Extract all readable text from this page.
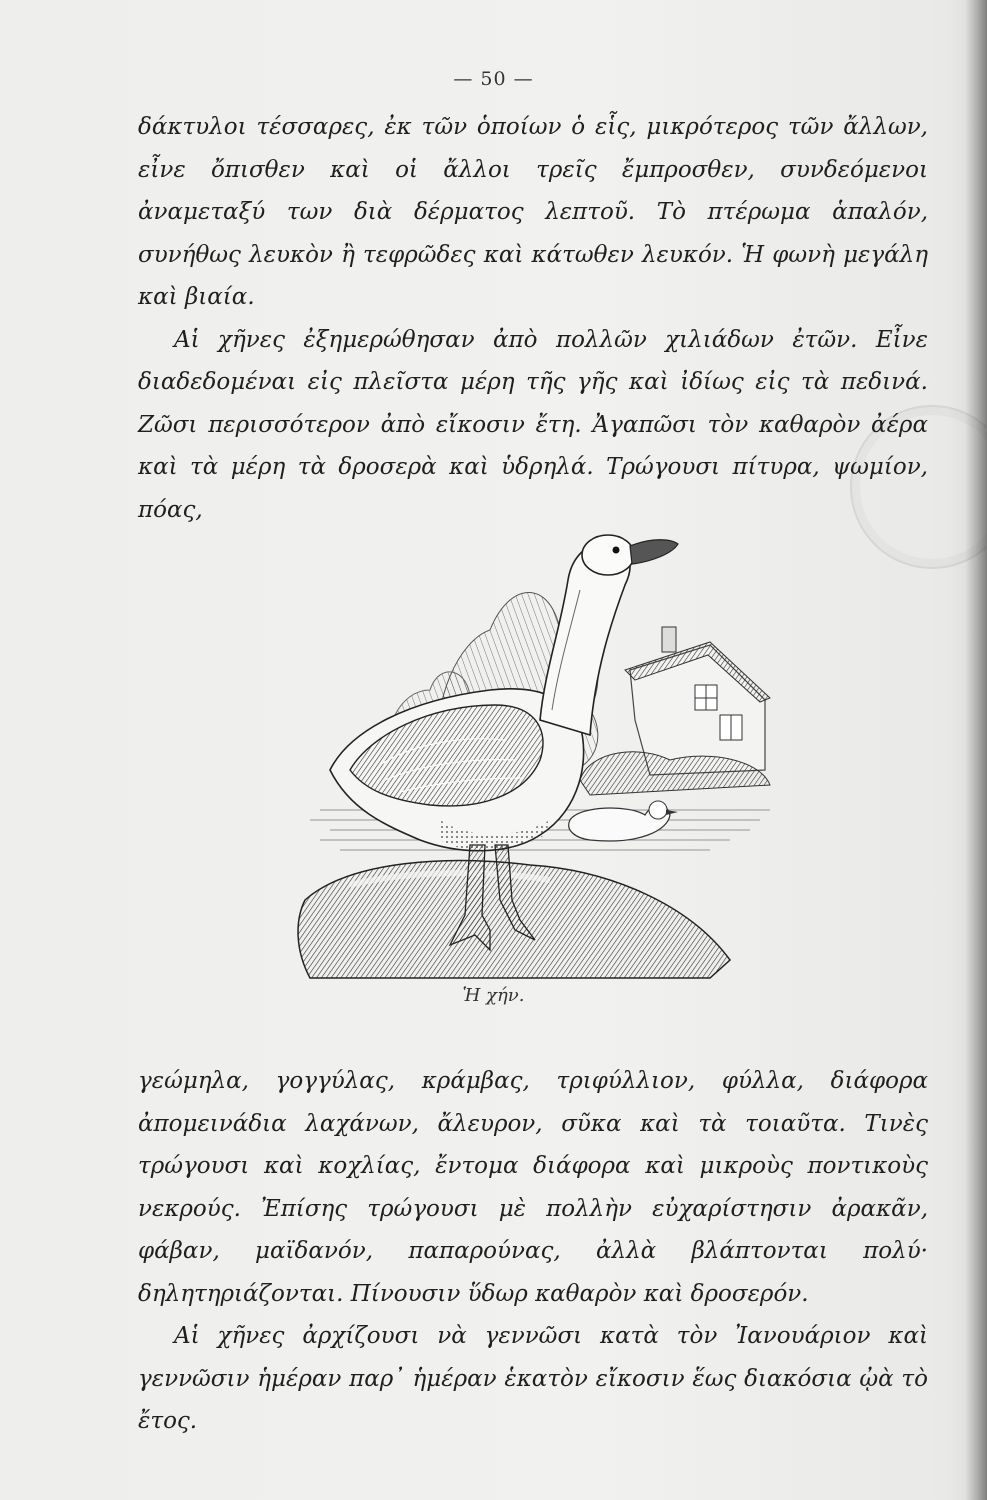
— 50 —

δάκτυλοι τέσσαρες, ἐκ τῶν ὁποίων ὁ εἷς, μικρότερος τῶν ἄλλων, εἶνε ὄπισθεν καὶ οἱ ἄλλοι τρεῖς ἔμπροσθεν, συνδεόμενοι ἀναμεταξύ των διὰ δέρματος λεπτοῦ. Τὸ πτέρωμα ἁπαλόν, συνήθως λευκὸν ἢ τεφρῶδες καὶ κάτωθεν λευκόν. Ἡ φωνὴ μεγάλη καὶ βιαία.

Αἱ χῆνες ἐξημερώθησαν ἀπὸ πολλῶν χιλιάδων ἐτῶν. Εἶνε διαδεδομέναι εἰς πλεῖστα μέρη τῆς γῆς καὶ ἰδίως εἰς τὰ πεδινά. Ζῶσι περισσότερον ἀπὸ εἴκοσιν ἔτη. Ἀγαπῶσι τὸν καθαρὸν ἀέρα καὶ τὰ μέρη τὰ δροσερὰ καὶ ὑδρηλά. Τρώγουσι πίτυρα, ψωμίον, πόας,

Ἡ χήν.

γεώμηλα, γογγύλας, κράμβας, τριφύλλιον, φύλλα, διάφορα ἀπομεινάδια λαχάνων, ἄλευρον, σῦκα καὶ τὰ τοιαῦτα. Τινὲς τρώγουσι καὶ κοχλίας, ἔντομα διάφορα καὶ μικροὺς ποντικοὺς νεκρούς. Ἐπίσης τρώγουσι μὲ πολλὴν εὐχαρίστησιν ἀρακᾶν, φάβαν, μαϊδανόν, παπαρούνας, ἀλλὰ βλάπτονται πολύ· δηλητηριάζονται. Πίνουσιν ὕδωρ καθαρὸν καὶ δροσερόν.

Αἱ χῆνες ἀρχίζουσι νὰ γεννῶσι κατὰ τὸν Ἰανουάριον καὶ γεννῶσιν ἡμέραν παρ᾽ ἡμέραν ἑκατὸν εἴκοσιν ἕως διακόσια ᾠὰ τὸ ἔτος.
